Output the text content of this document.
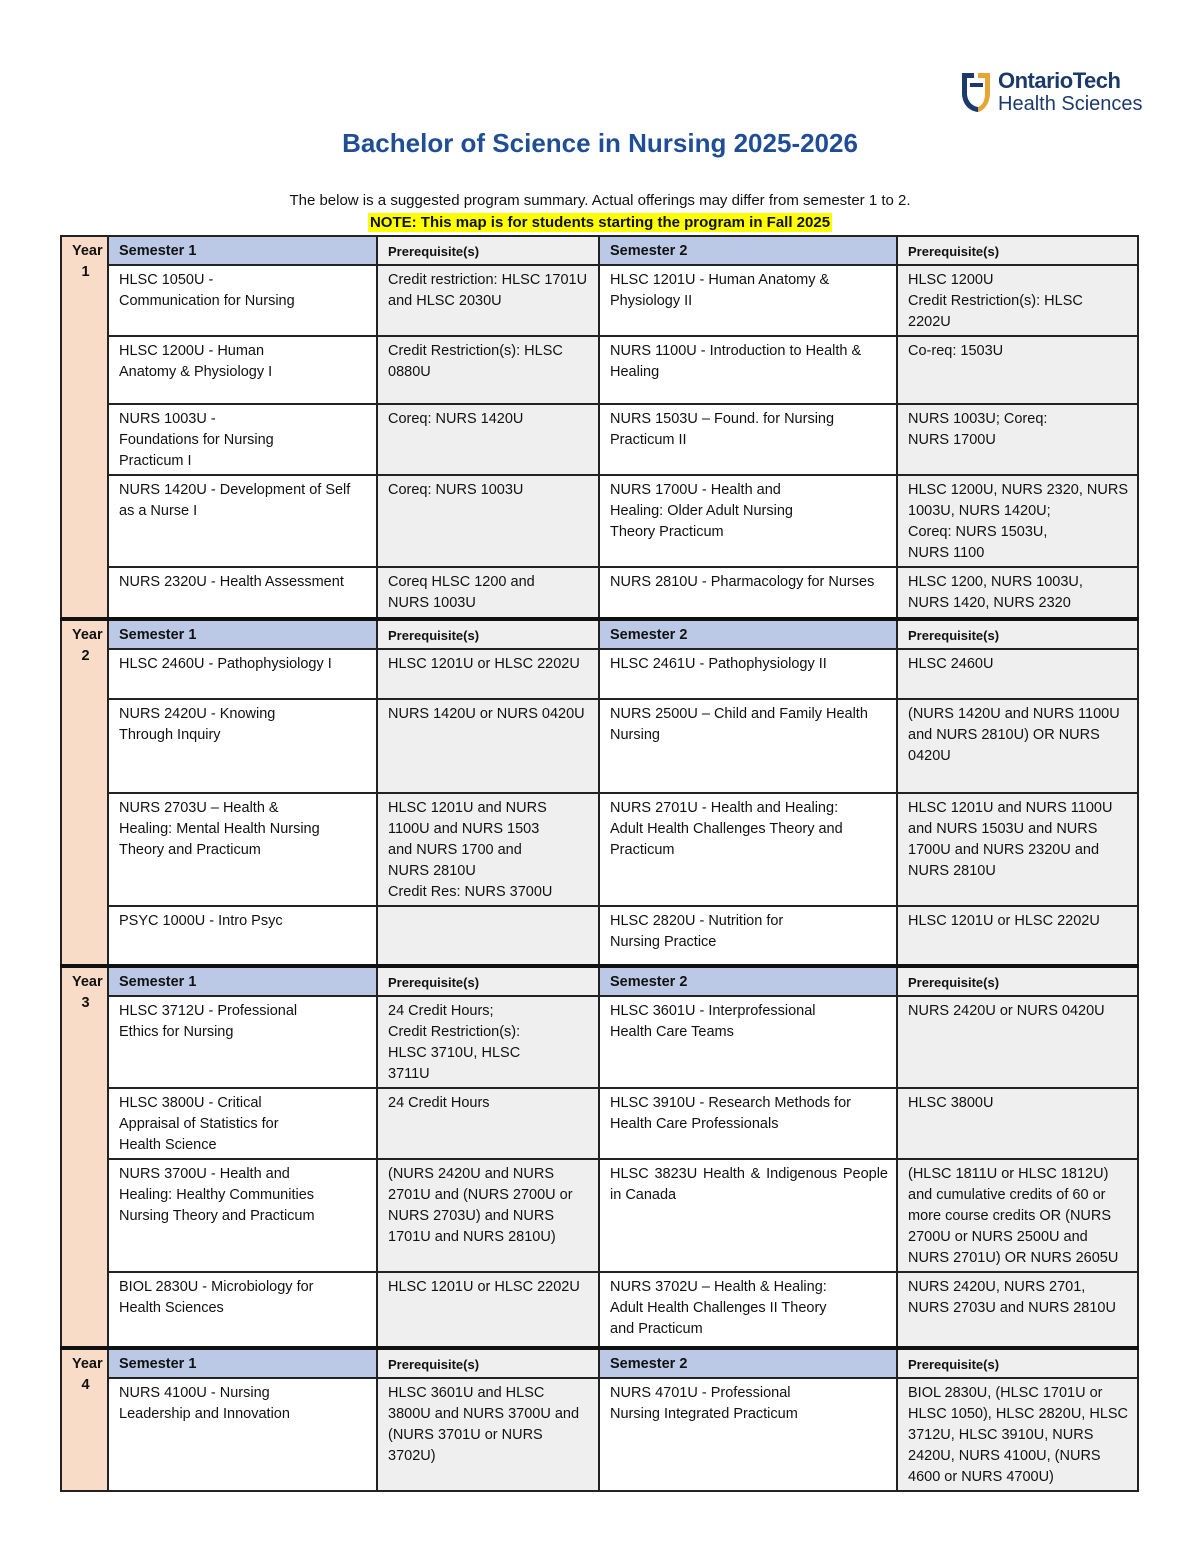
OntarioTech
Health Sciences
Bachelor of Science in Nursing 2025-2026
The below is a suggested program summary. Actual offerings may differ from semester 1 to 2.
NOTE: This map is for students starting the program in Fall 2025
Year 1	Semester 1	Prerequisite(s)	Semester 2	Prerequisite(s)
	HLSC 1050U -
Communication for Nursing	Credit restriction: HLSC 1701U and HLSC 2030U	HLSC 1201U - Human Anatomy & Physiology II	HLSC 1200U
Credit Restriction(s): HLSC 2202U
	HLSC 1200U - Human
Anatomy & Physiology I	Credit Restriction(s): HLSC 0880U	NURS 1100U - Introduction to Health & Healing	Co-req: 1503U
	NURS 1003U -
Foundations for Nursing
Practicum I	Coreq: NURS 1420U	NURS 1503U – Found. for Nursing Practicum II	NURS 1003U; Coreq:
NURS 1700U
	NURS 1420U - Development of Self as a Nurse I	Coreq: NURS 1003U	NURS 1700U - Health and
Healing: Older Adult Nursing
Theory Practicum	HLSC 1200U, NURS 2320, NURS 1003U, NURS 1420U;
Coreq: NURS 1503U,
NURS 1100
	NURS 2320U - Health Assessment	Coreq HLSC 1200 and
NURS 1003U	NURS 2810U - Pharmacology for Nurses	HLSC 1200, NURS 1003U,
NURS 1420, NURS 2320
Year 2	Semester 1	Prerequisite(s)	Semester 2	Prerequisite(s)
	HLSC 2460U - Pathophysiology I	HLSC 1201U or HLSC 2202U	HLSC 2461U - Pathophysiology II	HLSC 2460U
	NURS 2420U - Knowing
Through Inquiry	NURS 1420U or NURS 0420U	NURS 2500U – Child and Family Health Nursing	(NURS 1420U and NURS 1100U and NURS 2810U) OR NURS 0420U
	NURS 2703U – Health &
Healing: Mental Health Nursing
Theory and Practicum	HLSC 1201U and NURS
1100U and NURS 1503
and NURS 1700 and
NURS 2810U
Credit Res: NURS 3700U	NURS 2701U - Health and Healing:
Adult Health Challenges Theory and
Practicum	HLSC 1201U and NURS 1100U and NURS 1503U and NURS 1700U and NURS 2320U and NURS 2810U
	PSYC 1000U - Intro Psyc		HLSC 2820U - Nutrition for
Nursing Practice	HLSC 1201U or HLSC 2202U
Year 3	Semester 1	Prerequisite(s)	Semester 2	Prerequisite(s)
	HLSC 3712U - Professional
Ethics for Nursing	24 Credit Hours;
Credit Restriction(s):
HLSC 3710U, HLSC
3711U	HLSC 3601U - Interprofessional
Health Care Teams	NURS 2420U or NURS 0420U
	HLSC 3800U - Critical
Appraisal of Statistics for
Health Science	24 Credit Hours	HLSC 3910U - Research Methods for
Health Care Professionals	HLSC 3800U
	NURS 3700U - Health and
Healing: Healthy Communities
Nursing Theory and Practicum	(NURS 2420U and NURS 2701U and (NURS 2700U or NURS 2703U) and NURS 1701U and NURS 2810U)	HLSC 3823U Health & Indigenous People in Canada	(HLSC 1811U or HLSC 1812U) and cumulative credits of 60 or more course credits OR (NURS 2700U or NURS 2500U and NURS 2701U) OR NURS 2605U
	BIOL 2830U - Microbiology for
Health Sciences	HLSC 1201U or HLSC 2202U	NURS 3702U – Health & Healing:
Adult Health Challenges II Theory
and Practicum	NURS 2420U, NURS 2701, NURS 2703U and NURS 2810U
Year 4	Semester 1	Prerequisite(s)	Semester 2	Prerequisite(s)
	NURS 4100U - Nursing
Leadership and Innovation	HLSC 3601U and HLSC 3800U and NURS 3700U and
(NURS 3701U or NURS
3702U)	NURS 4701U - Professional
Nursing Integrated Practicum	BIOL 2830U, (HLSC 1701U or HLSC 1050), HLSC 2820U, HLSC 3712U, HLSC 3910U, NURS 2420U, NURS 4100U, (NURS 4600 or NURS 4700U)
